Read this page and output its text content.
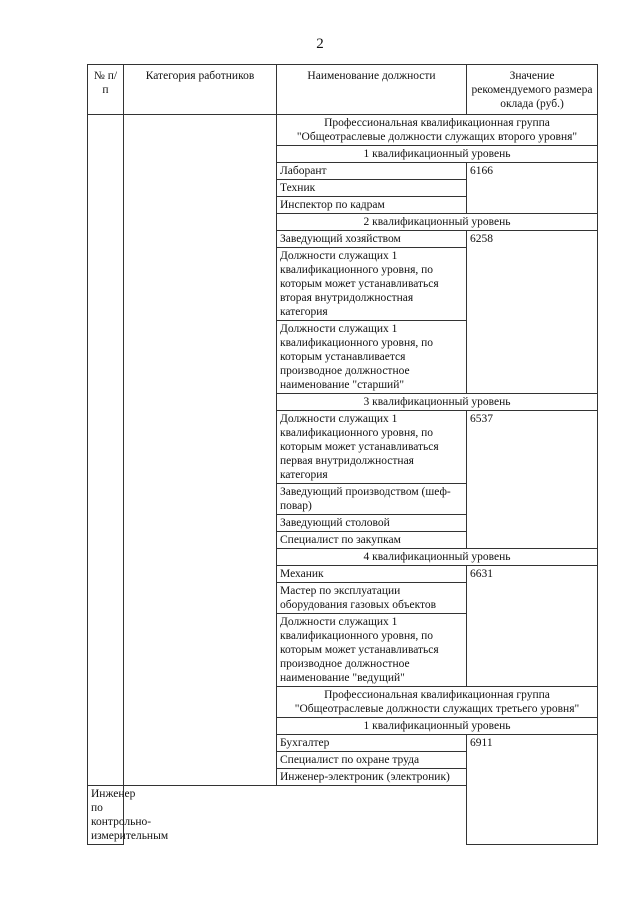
2
№ п/п	Категория работников	Наименование должности	Значение рекомендуемого размера оклада (руб.)
		Профессиональная квалификационная группа "Общеотраслевые должности служащих второго уровня"	
		1 квалификационный уровень	
		Лаборант	6166
		Техник	
		Инспектор по кадрам	
		2 квалификационный уровень	
		Заведующий хозяйством	6258
		Должности служащих 1 квалификационного уровня, по которым может устанавливаться вторая внутридолжностная категория	
		Должности служащих 1 квалификационного уровня, по которым устанавливается производное должностное наименование "старший"	
		3 квалификационный уровень	
		Должности служащих 1 квалификационного уровня, по которым может устанавливаться первая внутридолжностная категория	6537
		Заведующий производством (шеф-повар)	
		Заведующий столовой	
		Специалист по закупкам	
		4 квалификационный уровень	
		Механик	6631
		Мастер по эксплуатации оборудования газовых объектов	
		Должности служащих 1 квалификационного уровня, по которым может устанавливаться производное должностное наименование "ведущий"	
		Профессиональная квалификационная группа "Общеотраслевые должности служащих третьего уровня"	
		1 квалификационный уровень	
		Бухгалтер	6911
		Специалист по охране труда	
		Инженер-электроник (электроник)	
Инженер по контрольно-измерительным			
